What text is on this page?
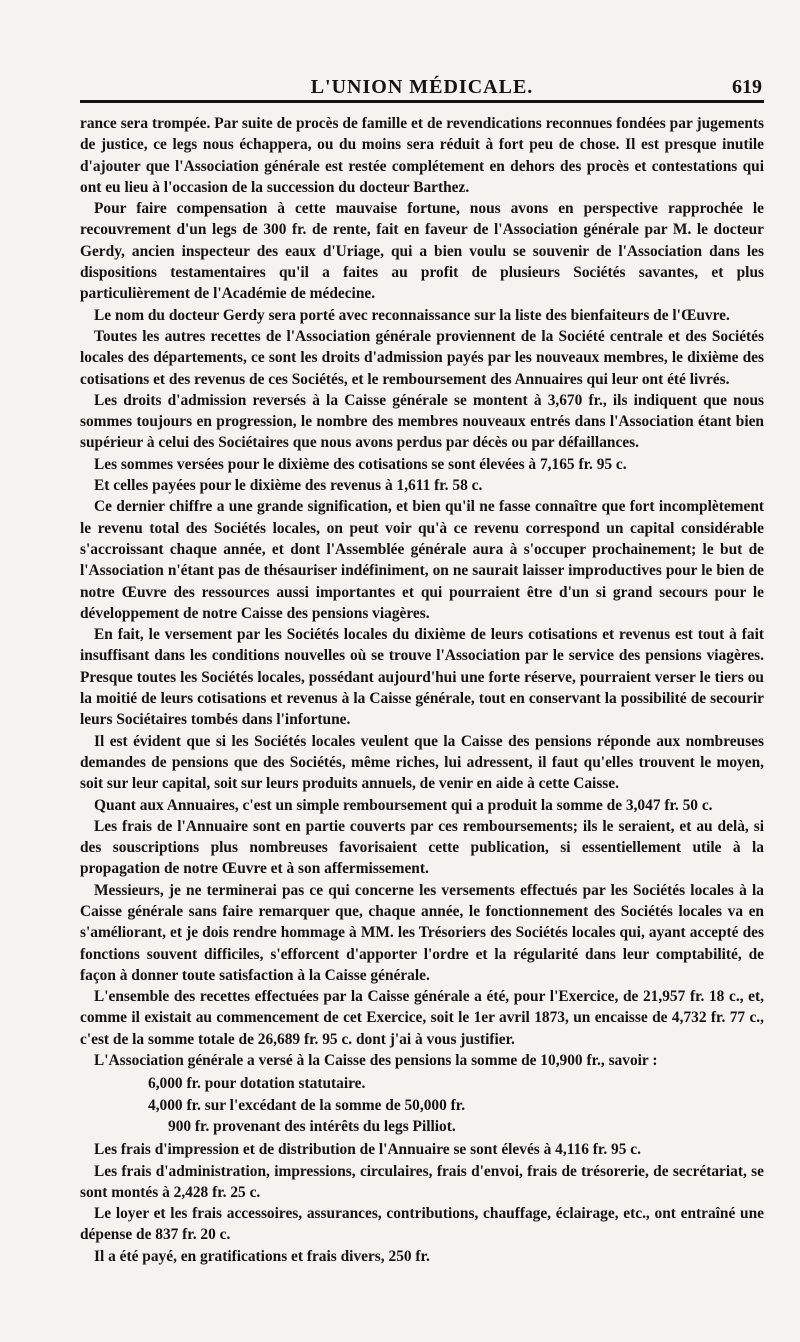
L'UNION MÉDICALE.	619

rance sera trompée. Par suite de procès de famille et de revendications reconnues fondées par jugements de justice, ce legs nous échappera, ou du moins sera réduit à fort peu de chose. Il est presque inutile d'ajouter que l'Association générale est restée complétement en dehors des procès et contestations qui ont eu lieu à l'occasion de la succession du docteur Barthez.

Pour faire compensation à cette mauvaise fortune, nous avons en perspective rapprochée le recouvrement d'un legs de 300 fr. de rente, fait en faveur de l'Association générale par M. le docteur Gerdy, ancien inspecteur des eaux d'Uriage, qui a bien voulu se souvenir de l'Association dans les dispositions testamentaires qu'il a faites au profit de plusieurs Sociétés savantes, et plus particulièrement de l'Académie de médecine.

Le nom du docteur Gerdy sera porté avec reconnaissance sur la liste des bienfaiteurs de l'Œuvre.

Toutes les autres recettes de l'Association générale proviennent de la Société centrale et des Sociétés locales des départements, ce sont les droits d'admission payés par les nouveaux membres, le dixième des cotisations et des revenus de ces Sociétés, et le remboursement des Annuaires qui leur ont été livrés.

Les droits d'admission reversés à la Caisse générale se montent à 3,670 fr., ils indiquent que nous sommes toujours en progression, le nombre des membres nouveaux entrés dans l'Association étant bien supérieur à celui des Sociétaires que nous avons perdus par décès ou par défaillances.

Les sommes versées pour le dixième des cotisations se sont élevées à 7,165 fr. 95 c.

Et celles payées pour le dixième des revenus à 1,611 fr. 58 c.

Ce dernier chiffre a une grande signification, et bien qu'il ne fasse connaître que fort incomplètement le revenu total des Sociétés locales, on peut voir qu'à ce revenu correspond un capital considérable s'accroissant chaque année, et dont l'Assemblée générale aura à s'occuper prochainement; le but de l'Association n'étant pas de thésauriser indéfiniment, on ne saurait laisser improductives pour le bien de notre Œuvre des ressources aussi importantes et qui pourraient être d'un si grand secours pour le développement de notre Caisse des pensions viagères.

En fait, le versement par les Sociétés locales du dixième de leurs cotisations et revenus est tout à fait insuffisant dans les conditions nouvelles où se trouve l'Association par le service des pensions viagères. Presque toutes les Sociétés locales, possédant aujourd'hui une forte réserve, pourraient verser le tiers ou la moitié de leurs cotisations et revenus à la Caisse générale, tout en conservant la possibilité de secourir leurs Sociétaires tombés dans l'infortune.

Il est évident que si les Sociétés locales veulent que la Caisse des pensions réponde aux nombreuses demandes de pensions que des Sociétés, même riches, lui adressent, il faut qu'elles trouvent le moyen, soit sur leur capital, soit sur leurs produits annuels, de venir en aide à cette Caisse.

Quant aux Annuaires, c'est un simple remboursement qui a produit la somme de 3,047 fr. 50 c.

Les frais de l'Annuaire sont en partie couverts par ces remboursements; ils le seraient, et au delà, si des souscriptions plus nombreuses favorisaient cette publication, si essentiellement utile à la propagation de notre Œuvre et à son affermissement.

Messieurs, je ne terminerai pas ce qui concerne les versements effectués par les Sociétés locales à la Caisse générale sans faire remarquer que, chaque année, le fonctionnement des Sociétés locales va en s'améliorant, et je dois rendre hommage à MM. les Trésoriers des Sociétés locales qui, ayant accepté des fonctions souvent difficiles, s'efforcent d'apporter l'ordre et la régularité dans leur comptabilité, de façon à donner toute satisfaction à la Caisse générale.

L'ensemble des recettes effectuées par la Caisse générale a été, pour l'Exercice, de 21,957 fr. 18 c., et, comme il existait au commencement de cet Exercice, soit le 1er avril 1873, un encaisse de 4,732 fr. 77 c., c'est de la somme totale de 26,689 fr. 95 c. dont j'ai à vous justifier.

L'Association générale a versé à la Caisse des pensions la somme de 10,900 fr., savoir :

6,000 fr. pour dotation statutaire.

4,000 fr. sur l'excédant de la somme de 50,000 fr.

900 fr. provenant des intérêts du legs Pilliot.

Les frais d'impression et de distribution de l'Annuaire se sont élevés à 4,116 fr. 95 c.

Les frais d'administration, impressions, circulaires, frais d'envoi, frais de trésorerie, de secrétariat, se sont montés à 2,428 fr. 25 c.

Le loyer et les frais accessoires, assurances, contributions, chauffage, éclairage, etc., ont entraîné une dépense de 837 fr. 20 c.

Il a été payé, en gratifications et frais divers, 250 fr.
